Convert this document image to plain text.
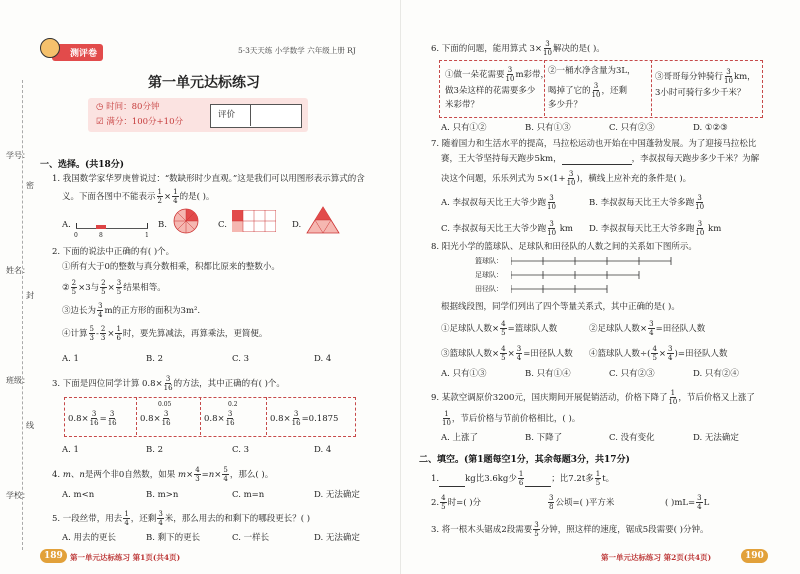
学号：
姓名：
班级：
学校：
封
线
密
测评卷	5·3天天练 小学数学 六年级上册 RJ
第一单元达标练习
◷ 时间：80分钟
☑ 满分：100分+10分
评价
一、选择。(共18分)
1. 我国数学家华罗庚曾说过：“数缺形时少直观。”这是我们可以用图形表示算式的含
义。下面各图中不能表示 $\frac{1}{2} \times \frac{1}{4}$ 的是( )。
A.
0	1
8
B.	C.	D.
2. 下面的说法中正确的有( )个。
①所有大于0的整数与真分数相乘，积都比原来的整数小。
② $\frac{2}{5} \times 3$与 $\frac{2}{5} \times \frac{3}{5}$ 结果相等。
③边长为 $\frac{3}{4}$ m的正方形的面积为3m².
④计算 $\frac{5}{3} - \frac{2}{3} \times \frac{1}{6}$ 时，要先算减法，再算乘法，更简便。
A. 1	B. 2	C. 3	D. 4
3. 下面是四位同学计算 $0.8\times \frac{3}{16}$ 的方法，其中正确的有( )个。
$0.8\times \frac{3}{16} = \frac{3}{16}$	$0.8\times \frac{3}{16}$
0.05
$0.8\times \frac{3}{16}$
0.2
$0.8\times \frac{3}{16} =0.1875$
A. 1	B. 2	C. 3	D. 4
4. m、n是两个非0自然数，如果 $m\times \frac{4}{3} =n\times \frac{5}{4}$ ，那么( )。
A. m<n	B. m>n	C. m=n	D. 无法确定
5. 一段丝带，用去 $\frac{1}{4}$ ，还剩 $\frac{3}{4}$ 米，那么用去的和剩下的哪段更长？( )
A. 用去的更长	B. 剩下的更长	C. 一样长	D. 无法确定
189 第一单元达标练习 第1页(共4页)
6. 下面的问题，能用算式 $3\times \frac{3}{10}$ 解决的是( )。
①做一朵花需要 $\frac{3}{10}$ m彩带，
做3朵这样的花需要多少
米彩带？
②一桶水净含量为3L，
喝掉了它的 $\frac{3}{10}$ ，还剩
多少升？
③哥哥每分钟骑行 $\frac{3}{10}$ km，
3小时可骑行多少千米？
A. 只有①②	B. 只有①③	C. 只有②③	D. ①②③
7. 随着国力和生活水平的提高，马拉松运动也开始在中国蓬勃发展。为了迎接马拉松比
赛，王大爷坚持每天跑步5km，	，李叔叔每天跑步多少千米？为解
决这个问题，乐乐列式为 $5\times(1+ \frac{3}{10}$ )，横线上应补充的条件是( )。
A. 李叔叔每天比王大爷少跑 $\frac{3}{10}$	B. 李叔叔每天比王大爷多跑 $\frac{3}{10}$
C. 李叔叔每天比王大爷少跑 $\frac{3}{10}$ km D. 李叔叔每天比王大爷多跑 $\frac{3}{10}$ km
8. 阳光小学的篮球队、足球队和田径队的人数之间的关系如下图所示。
篮球队：
足球队：
田径队：
根据线段图，同学们列出了四个等量关系式，其中正确的是( )。
①足球队人数× $\frac{4}{5}$ =篮球队人数	②足球队人数× $\frac{3}{4}$ =田径队人数
③篮球队人数× $\frac{4}{5} \times \frac{3}{4}$ =田径队人数 ④篮球队人数÷( $\frac{4}{5} \times \frac{3}{4}$ )=田径队人数
A. 只有①③	B. 只有①④	C. 只有②③	D. 只有②④
9. 某款空调原价3200元，国庆期间开展促销活动，价格下降了 $\frac{1}{10}$ ，节后价格又上涨了
$\frac{1}{10}$ ，节后价格与节前价格相比，( )。
A. 上涨了	B. 下降了	C. 没有变化	D. 无法确定
二、填空。(第1题每空1分，其余每题3分，共17分)
1.	kg比3.6kg少 $\frac{1}{6}$	；比7.2t多 $\frac{1}{5}$ t。
2. $\frac{4}{5}$ 时=( )分	$\frac{3}{8}$ 公顷=( )平方米	( )$mL= \frac{3}{4}$ L
3. 将一根木头锯成2段需要 $\frac{3}{5}$ 分钟，照这样的速度，锯成5段需要( )分钟。
第一单元达标练习 第2页(共4页)	190
